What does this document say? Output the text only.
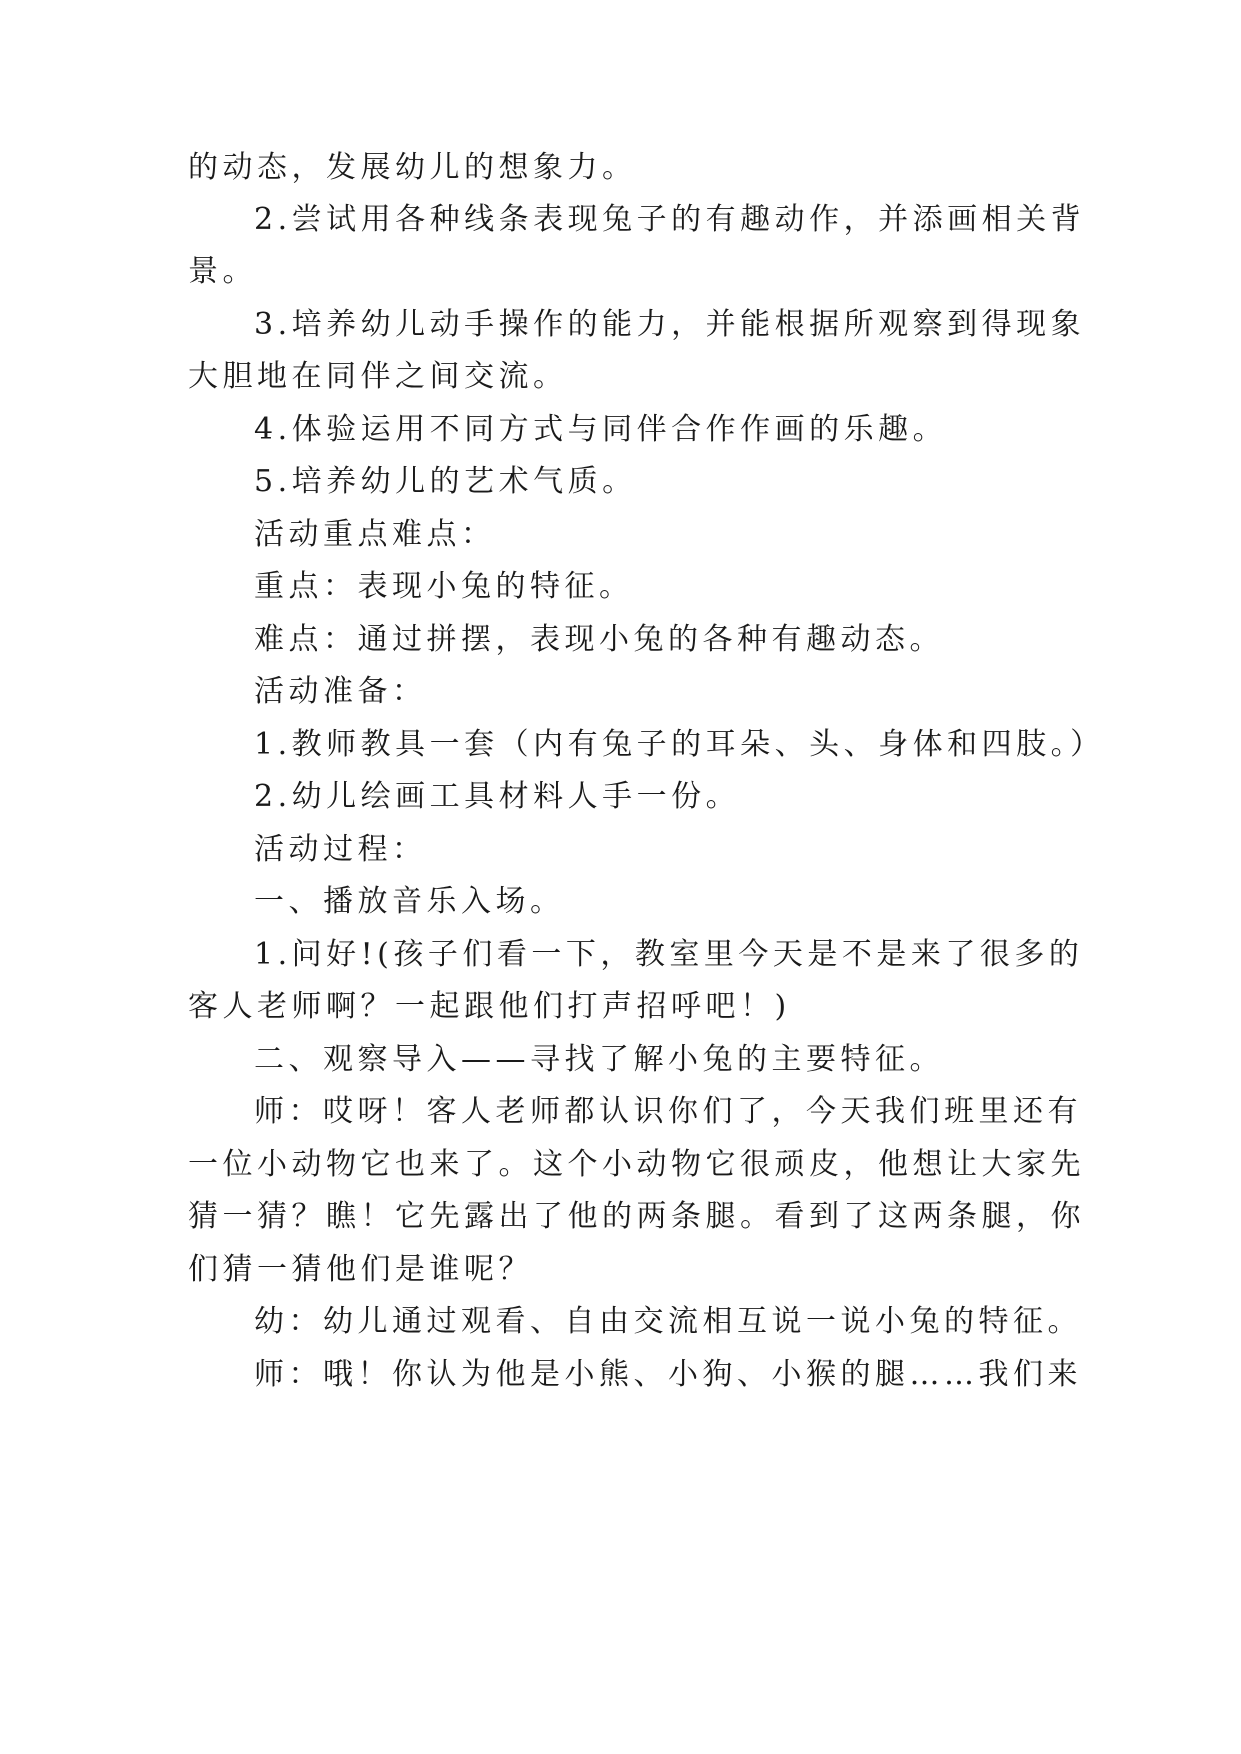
的动态，发展幼儿的想象力。
2.尝试用各种线条表现兔子的有趣动作，并添画相关背
景。
3.培养幼儿动手操作的能力，并能根据所观察到得现象
大胆地在同伴之间交流。
4.体验运用不同方式与同伴合作作画的乐趣。
5.培养幼儿的艺术气质。
活动重点难点：
重点：表现小兔的特征。
难点：通过拼摆，表现小兔的各种有趣动态。
活动准备：
1.教师教具一套（内有兔子的耳朵、头、身体和四肢。）
2.幼儿绘画工具材料人手一份。
活动过程：
一、播放音乐入场。
1.问好!(孩子们看一下，教室里今天是不是来了很多的
客人老师啊？一起跟他们打声招呼吧！)
二、观察导入——寻找了解小兔的主要特征。
师：哎呀！客人老师都认识你们了，今天我们班里还有
一位小动物它也来了。这个小动物它很顽皮，他想让大家先
猜一猜？瞧！它先露出了他的两条腿。看到了这两条腿，你
们猜一猜他们是谁呢？
幼：幼儿通过观看、自由交流相互说一说小兔的特征。
师：哦！你认为他是小熊、小狗、小猴的腿……我们来
